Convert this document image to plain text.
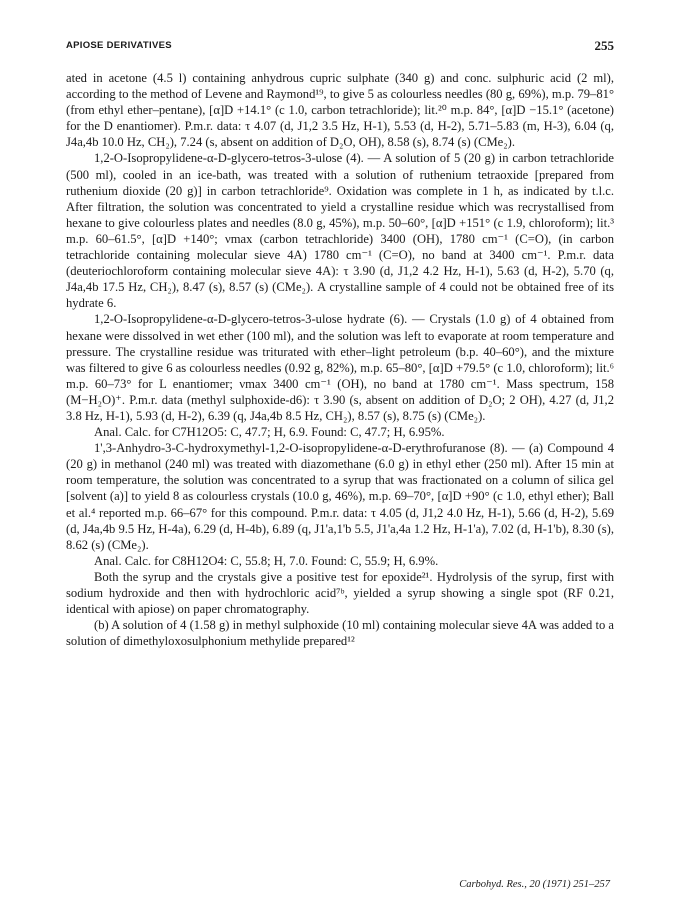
APIOSE DERIVATIVES	255

ated in acetone (4.5 l) containing anhydrous cupric sulphate (340 g) and conc. sulphuric acid (2 ml), according to the method of Levene and Raymond¹⁹, to give 5 as colourless needles (80 g, 69%), m.p. 79–81° (from ethyl ether–pentane), [α]D +14.1° (c 1.0, carbon tetrachloride); lit.²⁰ m.p. 84°, [α]D −15.1° (acetone) for the D enantiomer). P.m.r. data: τ 4.07 (d, J1,2 3.5 Hz, H-1), 5.53 (d, H-2), 5.71–5.83 (m, H-3), 6.04 (q, J4a,4b 10.0 Hz, CH₂), 7.24 (s, absent on addition of D₂O, OH), 8.58 (s), 8.74 (s) (CMe₂).

1,2-O-Isopropylidene-α-D-glycero-tetros-3-ulose (4). — A solution of 5 (20 g) in carbon tetrachloride (500 ml), cooled in an ice-bath, was treated with a solution of ruthenium tetraoxide [prepared from ruthenium dioxide (20 g)] in carbon tetrachloride⁹. Oxidation was complete in 1 h, as indicated by t.l.c. After filtration, the solution was concentrated to yield a crystalline residue which was recrystallised from hexane to give colourless plates and needles (8.0 g, 45%), m.p. 50–60°, [α]D +151° (c 1.9, chloroform); lit.³ m.p. 60–61.5°, [α]D +140°; νmax (carbon tetrachloride) 3400 (OH), 1780 cm⁻¹ (C=O), (in carbon tetrachloride containing molecular sieve 4A) 1780 cm⁻¹ (C=O), no band at 3400 cm⁻¹. P.m.r. data (deuteriochloroform containing molecular sieve 4A): τ 3.90 (d, J1,2 4.2 Hz, H-1), 5.63 (d, H-2), 5.70 (q, J4a,4b 17.5 Hz, CH₂), 8.47 (s), 8.57 (s) (CMe₂). A crystalline sample of 4 could not be obtained free of its hydrate 6.

1,2-O-Isopropylidene-α-D-glycero-tetros-3-ulose hydrate (6). — Crystals (1.0 g) of 4 obtained from hexane were dissolved in wet ether (100 ml), and the solution was left to evaporate at room temperature and pressure. The crystalline residue was triturated with ether–light petroleum (b.p. 40–60°), and the mixture was filtered to give 6 as colourless needles (0.92 g, 82%), m.p. 65–80°, [α]D +79.5° (c 1.0, chloroform); lit.⁶ m.p. 60–73° for L enantiomer; νmax 3400 cm⁻¹ (OH), no band at 1780 cm⁻¹. Mass spectrum, 158 (M−H₂O)⁺. P.m.r. data (methyl sulphoxide-d6): τ 3.90 (s, absent on addition of D₂O; 2 OH), 4.27 (d, J1,2 3.8 Hz, H-1), 5.93 (d, H-2), 6.39 (q, J4a,4b 8.5 Hz, CH₂), 8.57 (s), 8.75 (s) (CMe₂).

Anal. Calc. for C7H12O5: C, 47.7; H, 6.9. Found: C, 47.7; H, 6.95%.

1',3-Anhydro-3-C-hydroxymethyl-1,2-O-isopropylidene-α-D-erythrofuranose (8). — (a) Compound 4 (20 g) in methanol (240 ml) was treated with diazomethane (6.0 g) in ethyl ether (250 ml). After 15 min at room temperature, the solution was concentrated to a syrup that was fractionated on a column of silica gel [solvent (a)] to yield 8 as colourless crystals (10.0 g, 46%), m.p. 69–70°, [α]D +90° (c 1.0, ethyl ether); Ball et al.⁴ reported m.p. 66–67° for this compound. P.m.r. data: τ 4.05 (d, J1,2 4.0 Hz, H-1), 5.66 (d, H-2), 5.69 (d, J4a,4b 9.5 Hz, H-4a), 6.29 (d, H-4b), 6.89 (q, J1'a,1'b 5.5, J1'a,4a 1.2 Hz, H-1'a), 7.02 (d, H-1'b), 8.30 (s), 8.62 (s) (CMe₂).

Anal. Calc. for C8H12O4: C, 55.8; H, 7.0. Found: C, 55.9; H, 6.9%.

Both the syrup and the crystals give a positive test for epoxide²¹. Hydrolysis of the syrup, first with sodium hydroxide and then with hydrochloric acid⁷ᵇ, yielded a syrup showing a single spot (RF 0.21, identical with apiose) on paper chromatography.

(b) A solution of 4 (1.58 g) in methyl sulphoxide (10 ml) containing molecular sieve 4A was added to a solution of dimethyloxosulphonium methylide prepared¹²

Carbohyd. Res., 20 (1971) 251–257
